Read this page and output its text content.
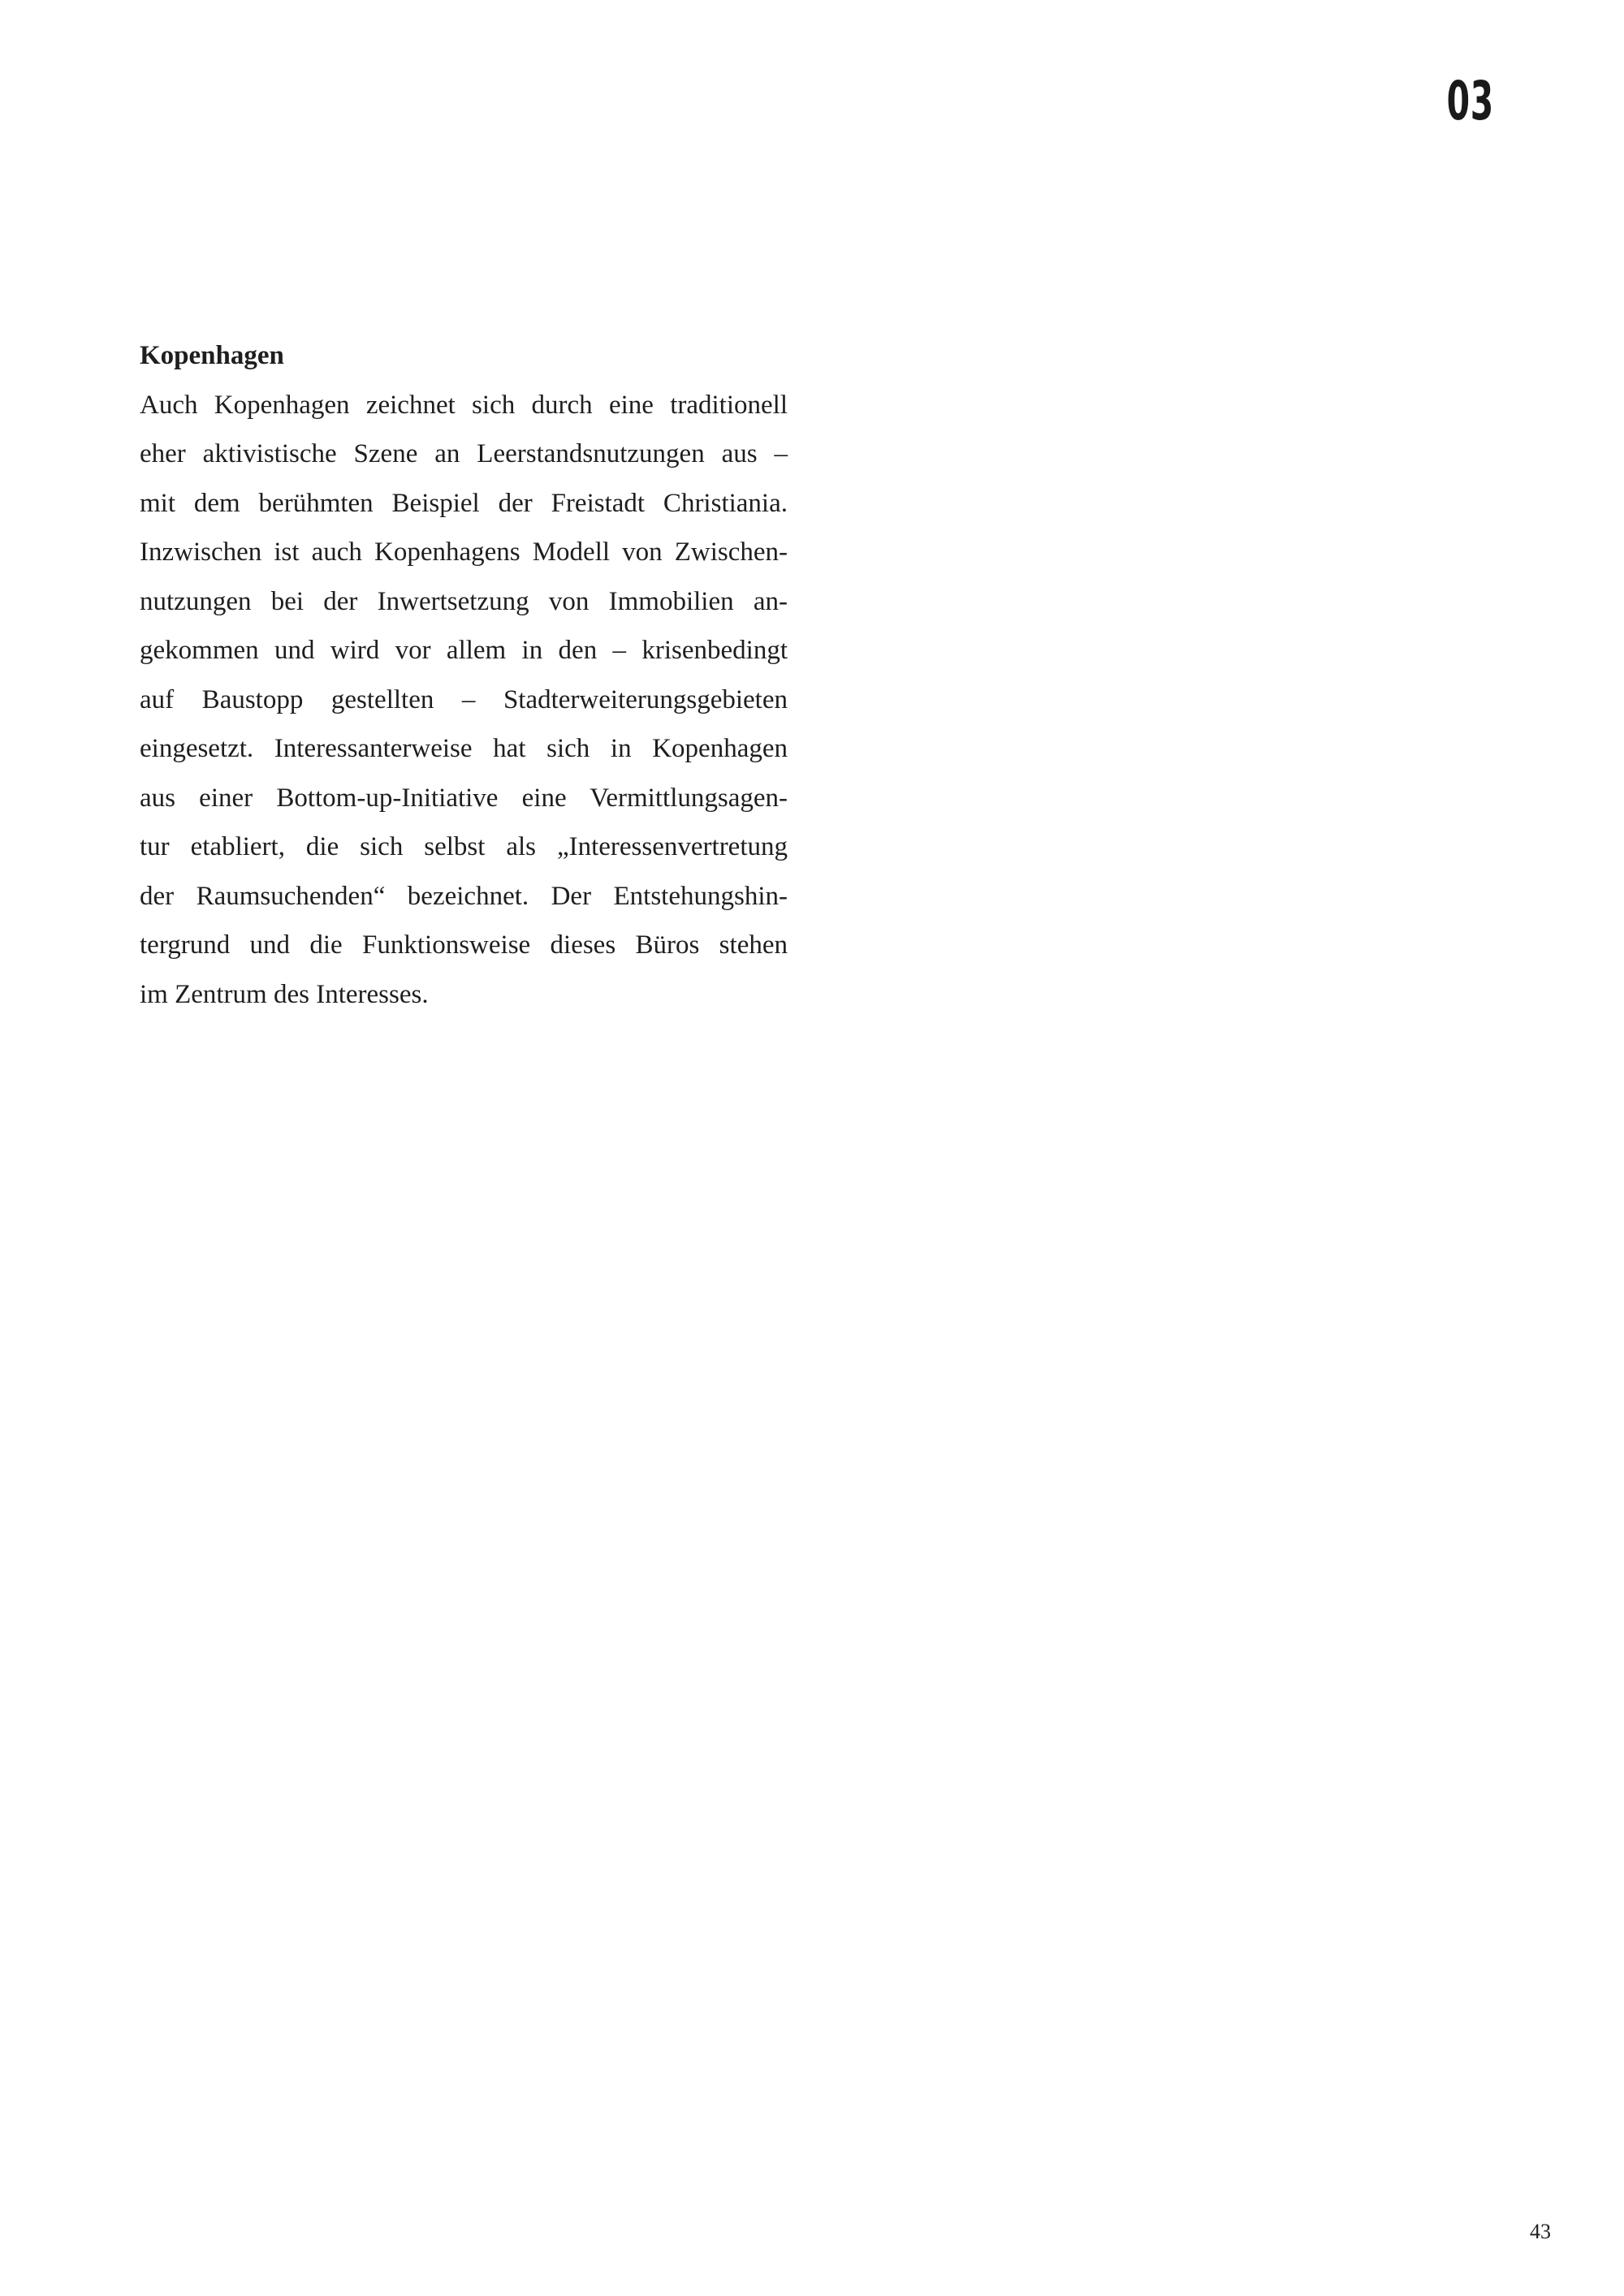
03
Kopenhagen

Auch Kopenhagen zeichnet sich durch eine traditionell
eher aktivistische Szene an Leerstandsnutzungen aus –
mit dem berühmten Beispiel der Freistadt Christiania.
Inzwischen ist auch Kopenhagens Modell von Zwischen-
nutzungen bei der Inwertsetzung von Immobilien an-
gekommen und wird vor allem in den – krisenbedingt
auf Baustopp gestellten – Stadterweiterungsgebieten
eingesetzt. Interessanterweise hat sich in Kopenhagen
aus einer Bottom-up-Initiative eine Vermittlungsagen-
tur etabliert, die sich selbst als „Interessenvertretung
der Raumsuchenden“ bezeichnet. Der Entstehungshin-
tergrund und die Funktionsweise dieses Büros stehen
im Zentrum des Interesses.

43
